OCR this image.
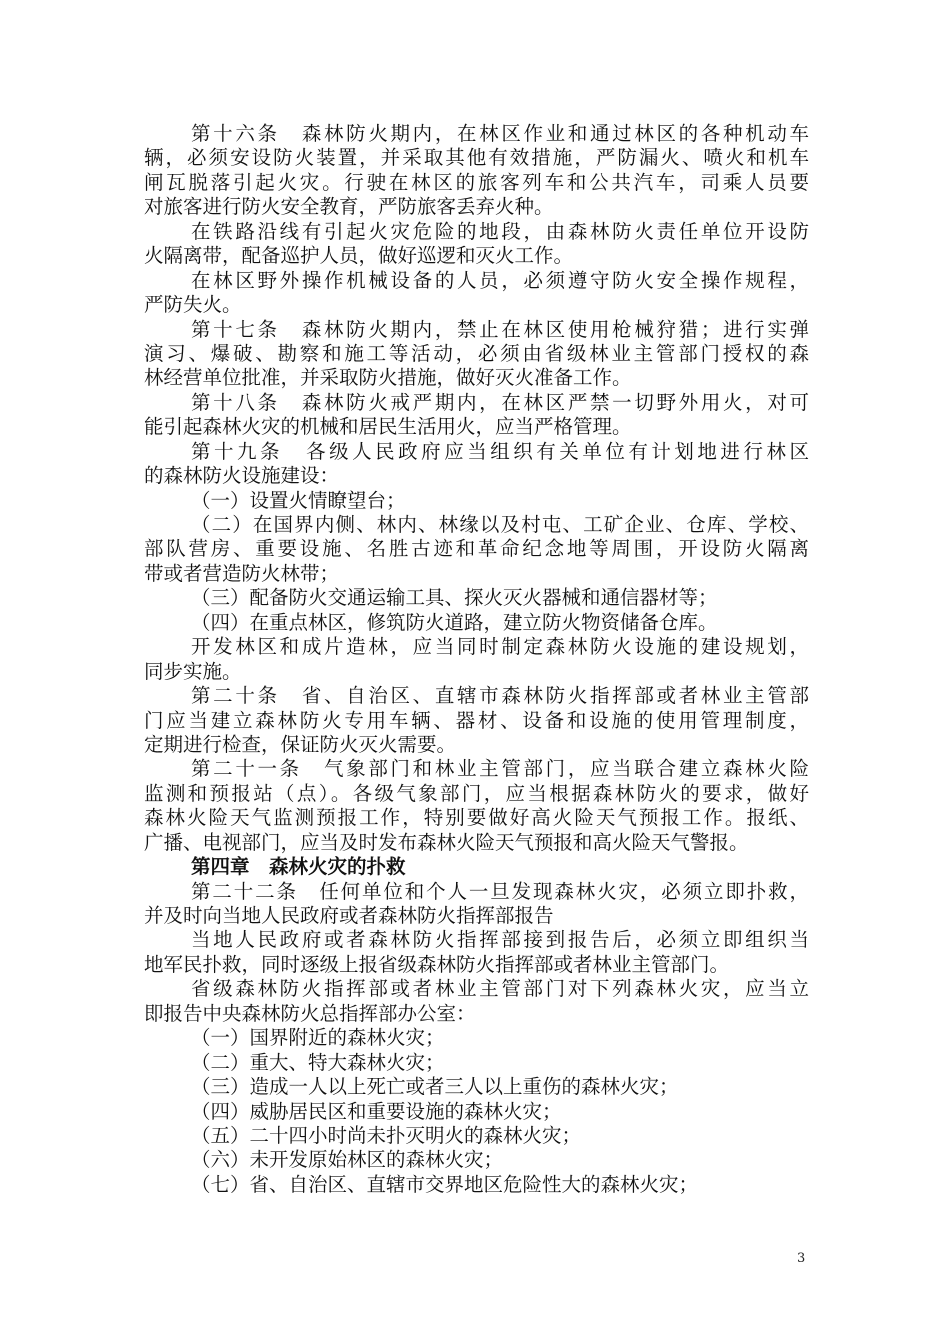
第十六条　森林防火期内，在林区作业和通过林区的各种机动车
辆，必须安设防火装置，并采取其他有效措施，严防漏火、喷火和机车
闸瓦脱落引起火灾。行驶在林区的旅客列车和公共汽车，司乘人员要
对旅客进行防火安全教育，严防旅客丢弃火种。
在铁路沿线有引起火灾危险的地段，由森林防火责任单位开设防
火隔离带，配备巡护人员，做好巡逻和灭火工作。
在林区野外操作机械设备的人员，必须遵守防火安全操作规程，
严防失火。
第十七条　森林防火期内，禁止在林区使用枪械狩猎；进行实弹
演习、爆破、勘察和施工等活动，必须由省级林业主管部门授权的森
林经营单位批准，并采取防火措施，做好灭火准备工作。
第十八条　森林防火戒严期内，在林区严禁一切野外用火，对可
能引起森林火灾的机械和居民生活用火，应当严格管理。
第十九条　各级人民政府应当组织有关单位有计划地进行林区
的森林防火设施建设：
（一）设置火情瞭望台；
（二）在国界内侧、林内、林缘以及村屯、工矿企业、仓库、学校、
部队营房、重要设施、名胜古迹和革命纪念地等周围，开设防火隔离
带或者营造防火林带；
（三）配备防火交通运输工具、探火灭火器械和通信器材等；
（四）在重点林区，修筑防火道路，建立防火物资储备仓库。
开发林区和成片造林，应当同时制定森林防火设施的建设规划，
同步实施。
第二十条　省、自治区、直辖市森林防火指挥部或者林业主管部
门应当建立森林防火专用车辆、器材、设备和设施的使用管理制度，
定期进行检查，保证防火灭火需要。
第二十一条　气象部门和林业主管部门，应当联合建立森林火险
监测和预报站（点）。各级气象部门，应当根据森林防火的要求，做好
森林火险天气监测预报工作，特别要做好高火险天气预报工作。报纸、
广播、电视部门，应当及时发布森林火险天气预报和高火险天气警报。
第四章　森林火灾的扑救
第二十二条　任何单位和个人一旦发现森林火灾，必须立即扑救，
并及时向当地人民政府或者森林防火指挥部报告
当地人民政府或者森林防火指挥部接到报告后，必须立即组织当
地军民扑救，同时逐级上报省级森林防火指挥部或者林业主管部门。
省级森林防火指挥部或者林业主管部门对下列森林火灾，应当立
即报告中央森林防火总指挥部办公室：
（一）国界附近的森林火灾；
（二）重大、特大森林火灾；
（三）造成一人以上死亡或者三人以上重伤的森林火灾；
（四）威胁居民区和重要设施的森林火灾；
（五）二十四小时尚未扑灭明火的森林火灾；
（六）未开发原始林区的森林火灾；
（七）省、自治区、直辖市交界地区危险性大的森林火灾；
3
